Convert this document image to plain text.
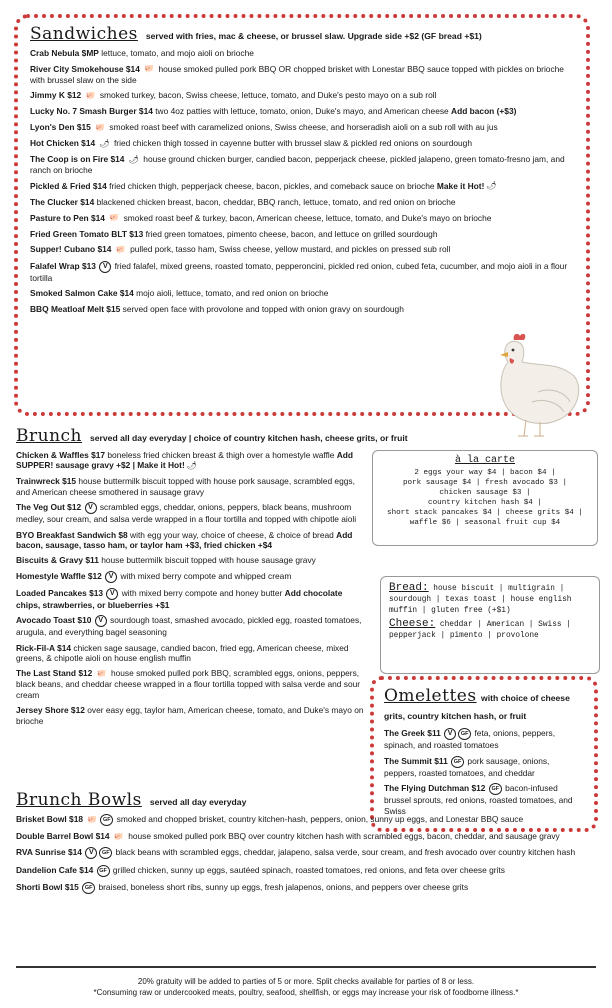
Sandwiches served with fries, mac & cheese, or brussel slaw. Upgrade side +$2 (GF bread +$1)
Crab Nebula $MP lettuce, tomato, and mojo aioli on brioche
River City Smokehouse $14 🐖 house smoked pulled pork BBQ OR chopped brisket with Lonestar BBQ sauce topped with pickles on brioche with brussel slaw on the side
Jimmy K $12 🐖 smoked turkey, bacon, Swiss cheese, lettuce, tomato, and Duke's pesto mayo on a sub roll
Lucky No. 7 Smash Burger $14 two 4oz patties with lettuce, tomato, onion, Duke's mayo, and American cheese Add bacon (+$3)
Lyon's Den $15 🐖 smoked roast beef with caramelized onions, Swiss cheese, and horseradish aioli on a sub roll with au jus
Hot Chicken $14 🌶 fried chicken thigh tossed in cayenne butter with brussel slaw & pickled red onions on sourdough
The Coop is on Fire $14 🌶 house ground chicken burger, candied bacon, pepperjack cheese, pickled jalapeno, green tomato-fresno jam, and ranch on brioche
Pickled & Fried $14 fried chicken thigh, pepperjack cheese, bacon, pickles, and comeback sauce on brioche Make it Hot! 🌶
The Clucker $14 blackened chicken breast, bacon, cheddar, BBQ ranch, lettuce, tomato, and red onion on brioche
Pasture to Pen $14 🐖 smoked roast beef & turkey, bacon, American cheese, lettuce, tomato, and Duke's mayo on brioche
Fried Green Tomato BLT $13 fried green tomatoes, pimento cheese, bacon, and lettuce on grilled sourdough
Supper! Cubano $14 🐖 pulled pork, tasso ham, Swiss cheese, yellow mustard, and pickles on pressed sub roll
Falafel Wrap $13 V fried falafel, mixed greens, roasted tomato, pepperoncini, pickled red onion, cubed feta, cucumber, and mojo aioli in a flour tortilla
Smoked Salmon Cake $14 mojo aioli, lettuce, tomato, and red onion on brioche
BBQ Meatloaf Melt $15 served open face with provolone and topped with onion gravy on sourdough
Brunch served all day everyday | choice of country kitchen hash, cheese grits, or fruit
Chicken & Waffles $17 boneless fried chicken breast & thigh over a homestyle waffle Add SUPPER! sausage gravy +$2 | Make it Hot! 🌶
Trainwreck $15 house buttermilk biscuit topped with house pork sausage, scrambled eggs, and American cheese smothered in sausage gravy
The Veg Out $12 V scrambled eggs, cheddar, onions, peppers, black beans, mushroom medley, sour cream, and salsa verde wrapped in a flour tortilla and topped with chipotle aioli
BYO Breakfast Sandwich $8 with egg your way, choice of cheese, & choice of bread Add bacon, sausage, tasso ham, or taylor ham +$3, fried chicken +$4
Biscuits & Gravy $11 house buttermilk biscuit topped with house sausage gravy
Homestyle Waffle $12 V with mixed berry compote and whipped cream
Loaded Pancakes $13 V with mixed berry compote and honey butter Add chocolate chips, strawberries, or blueberries +$1
Avocado Toast $10 V sourdough toast, smashed avocado, pickled egg, roasted tomatoes, arugula, and everything bagel seasoning
Rick-Fil-A $14 chicken sage sausage, candied bacon, fried egg, American cheese, mixed greens, & chipotle aioli on house english muffin
The Last Stand $12 🐖 house smoked pulled pork BBQ, scrambled eggs, onions, peppers, black beans, and cheddar cheese wrapped in a flour tortilla topped with salsa verde and sour cream
Jersey Shore $12 over easy egg, taylor ham, American cheese, tomato, and Duke's mayo on brioche
à la carte
2 eggs your way $4 | bacon $4 |
pork sausage $4 | fresh avocado $3 |
chicken sausage $3 |
country kitchen hash $4 |
short stack pancakes $4 | cheese grits $4 |
waffle $6 | seasonal fruit cup $4
Bread: house biscuit | multigrain | sourdough | texas toast | house english muffin | gluten free (+$1)
Cheese: cheddar | American | Swiss | pepperjack | pimento | provolone
Omelettes with choice of cheese grits, country kitchen hash, or fruit
The Greek $11 V GF feta, onions, peppers, spinach, and roasted tomatoes
The Summit $11 GF pork sausage, onions, peppers, roasted tomatoes, and cheddar
The Flying Dutchman $12 GF bacon-infused brussel sprouts, red onions, roasted tomatoes, and Swiss
Brunch Bowls served all day everyday
Brisket Bowl $18 🐖 GF smoked and chopped brisket, country kitchen-hash, peppers, onion, sunny up eggs, and Lonestar BBQ sauce
Double Barrel Bowl $14 🐖 house smoked pulled pork BBQ over country kitchen hash with scrambled eggs, bacon, cheddar, and sausage gravy
RVA Sunrise $14 V GF black beans with scrambled eggs, cheddar, jalapeno, salsa verde, sour cream, and fresh avocado over country kitchen hash
Dandelion Cafe $14 GF grilled chicken, sunny up eggs, sautéed spinach, roasted tomatoes, red onions, and feta over cheese grits
Shorti Bowl $15 GF braised, boneless short ribs, sunny up eggs, fresh jalapenos, onions, and peppers over cheese grits
20% gratuity will be added to parties of 5 or more. Split checks available for parties of 8 or less.
*Consuming raw or undercooked meats, poultry, seafood, shellfish, or eggs may increase your risk of foodborne illness.*
